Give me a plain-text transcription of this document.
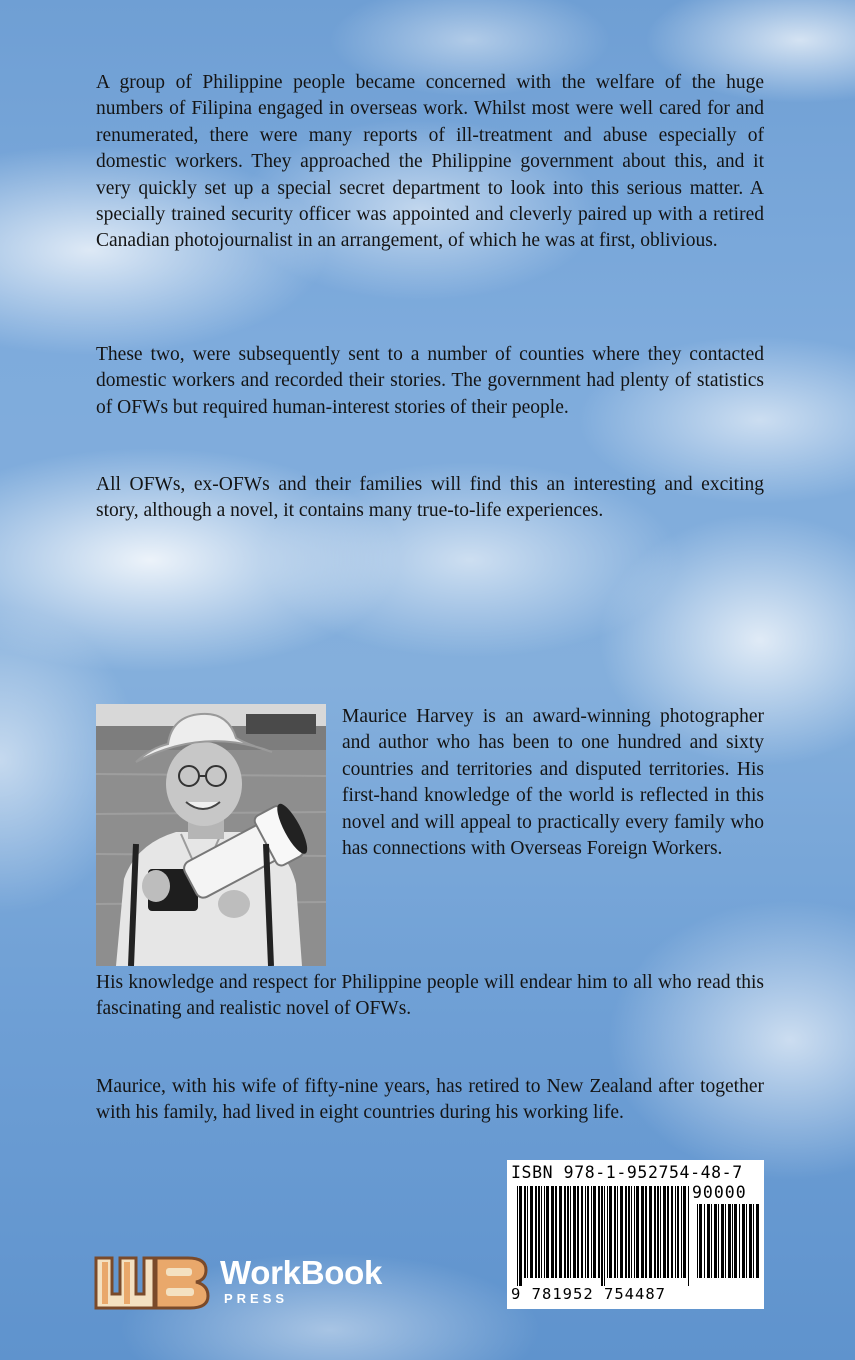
A group of Philippine people became concerned with the welfare of the huge numbers of Filipina engaged in overseas work. Whilst most were well cared for and renumerated, there were many reports of ill-treatment and abuse especially of domestic workers. They approached the Philippine government about this, and it very quickly set up a special secret department to look into this serious matter. A specially trained security officer was appointed and cleverly paired up with a retired Canadian photojournalist in an arrangement, of which he was at first, oblivious.

These two, were subsequently sent to a number of counties where they contacted domestic workers and recorded their stories. The government had plenty of statistics of OFWs but required human-interest stories of their people.

All OFWs, ex-OFWs and their families will find this an interesting and exciting story, although a novel, it contains many true-to-life experiences.

Maurice Harvey is an award-winning photographer and author who has been to one hundred and sixty countries and territories and disputed territories. His first-hand knowledge of the world is reflected in this novel and will appeal to practically every family who has connections with Overseas Foreign Workers.

His knowledge and respect for Philippine people will endear him to all who read this fascinating and realistic novel of OFWs.

Maurice, with his wife of fifty-nine years, has retired to New Zealand after together with his family, had lived in eight countries during his working life.

ISBN 978-1-952754-48-7
90000
9 781952 754487
WorkBook
PRESS
